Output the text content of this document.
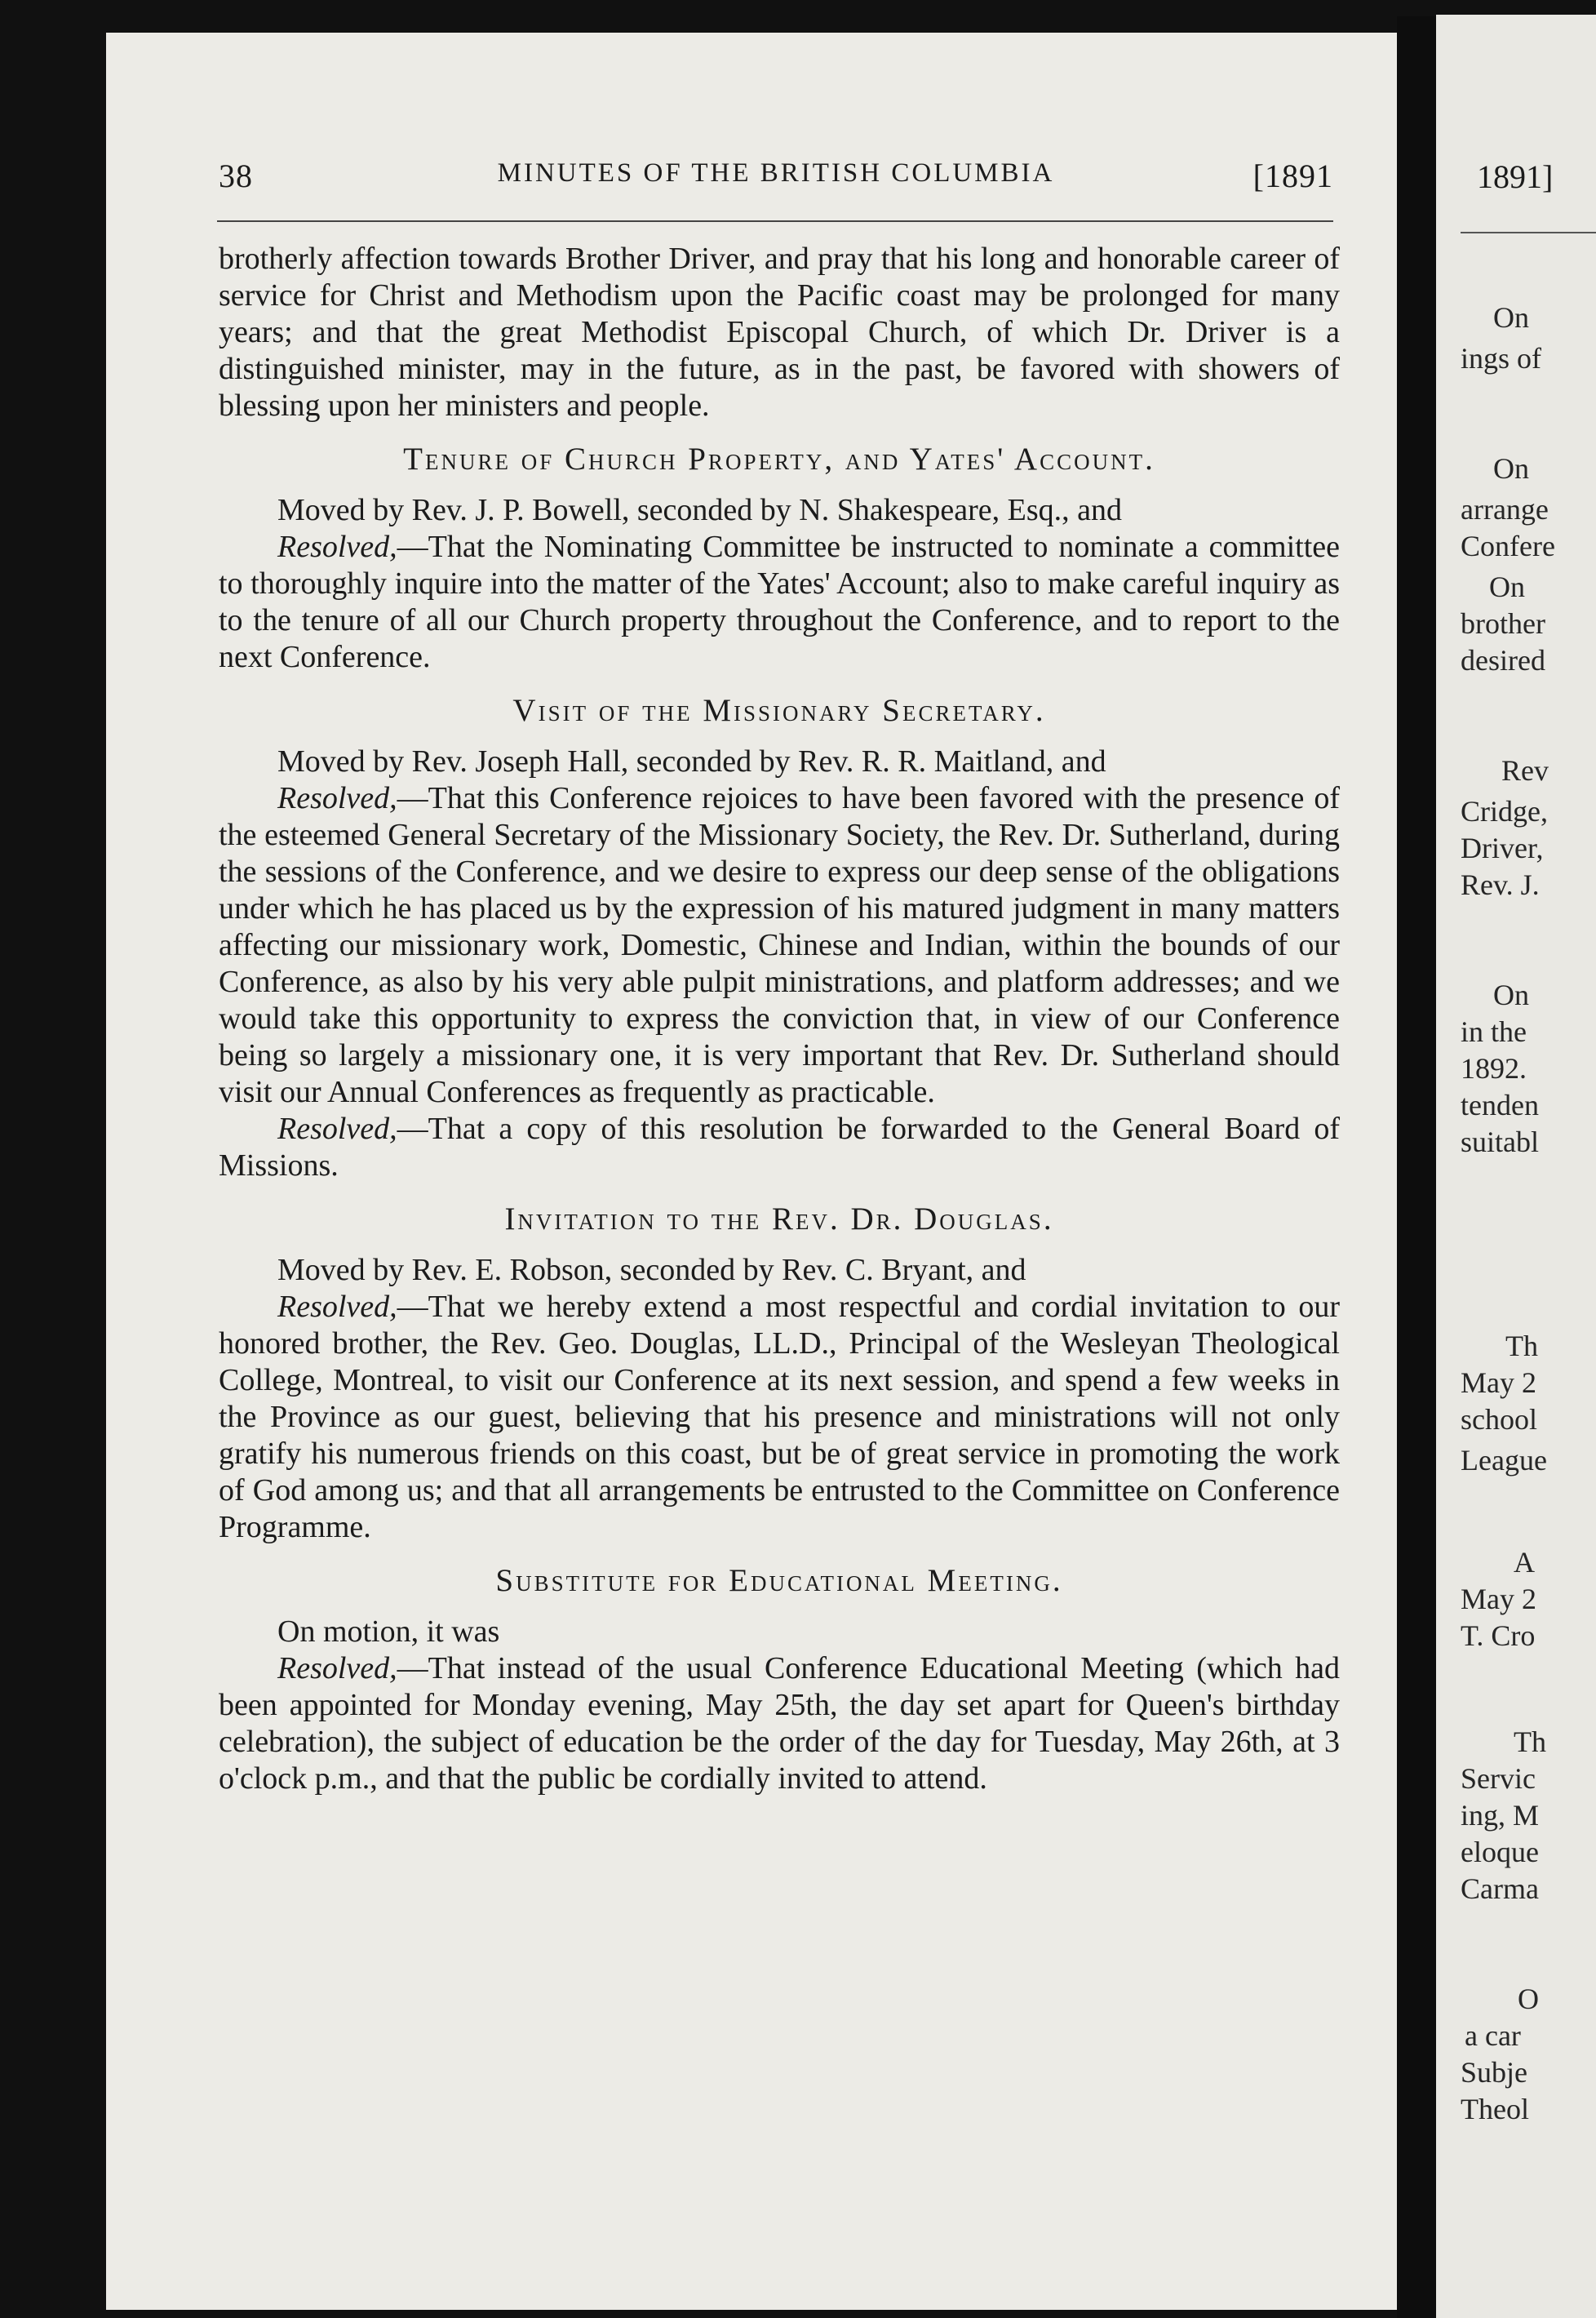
1891]
On
ings of
On
arrange
Confere
On
brother
desired
Rev
Cridge,
Driver,
Rev. J.
On
in the
1892.
tenden
suitabl
Th
May 2
school
League
A
May 2
T. Cro
Th
Servic
ing, M
eloque
Carma
O
a car
Subje
Theol
38	MINUTES OF THE BRITISH COLUMBIA	[1891

brotherly affection towards Brother Driver, and pray that his long and honorable career of service for Christ and Methodism upon the Pacific coast may be prolonged for many years; and that the great Methodist Episcopal Church, of which Dr. Driver is a distinguished minister, may in the future, as in the past, be favored with showers of blessing upon her ministers and people.

Tenure of Church Property, and Yates' Account.

Moved by Rev. J. P. Bowell, seconded by N. Shakespeare, Esq., and

Resolved,—That the Nominating Committee be instructed to nominate a committee to thoroughly inquire into the matter of the Yates' Account; also to make careful inquiry as to the tenure of all our Church property throughout the Conference, and to report to the next Conference.

Visit of the Missionary Secretary.

Moved by Rev. Joseph Hall, seconded by Rev. R. R. Maitland, and

Resolved,—That this Conference rejoices to have been favored with the presence of the esteemed General Secretary of the Missionary Society, the Rev. Dr. Sutherland, during the sessions of the Conference, and we desire to express our deep sense of the obligations under which he has placed us by the expression of his matured judgment in many matters affecting our missionary work, Domestic, Chinese and Indian, within the bounds of our Conference, as also by his very able pulpit ministrations, and platform addresses; and we would take this opportunity to express the conviction that, in view of our Conference being so largely a missionary one, it is very important that Rev. Dr. Sutherland should visit our Annual Conferences as frequently as practicable.

Resolved,—That a copy of this resolution be forwarded to the General Board of Missions.

Invitation to the Rev. Dr. Douglas.

Moved by Rev. E. Robson, seconded by Rev. C. Bryant, and

Resolved,—That we hereby extend a most respectful and cordial invitation to our honored brother, the Rev. Geo. Douglas, LL.D., Principal of the Wesleyan Theological College, Montreal, to visit our Conference at its next session, and spend a few weeks in the Province as our guest, believing that his presence and ministrations will not only gratify his numerous friends on this coast, but be of great service in promoting the work of God among us; and that all arrangements be entrusted to the Committee on Conference Programme.

Substitute for Educational Meeting.

On motion, it was

Resolved,—That instead of the usual Conference Educational Meeting (which had been appointed for Monday evening, May 25th, the day set apart for Queen's birthday celebration), the subject of education be the order of the day for Tuesday, May 26th, at 3 o'clock p.m., and that the public be cordially invited to attend.
